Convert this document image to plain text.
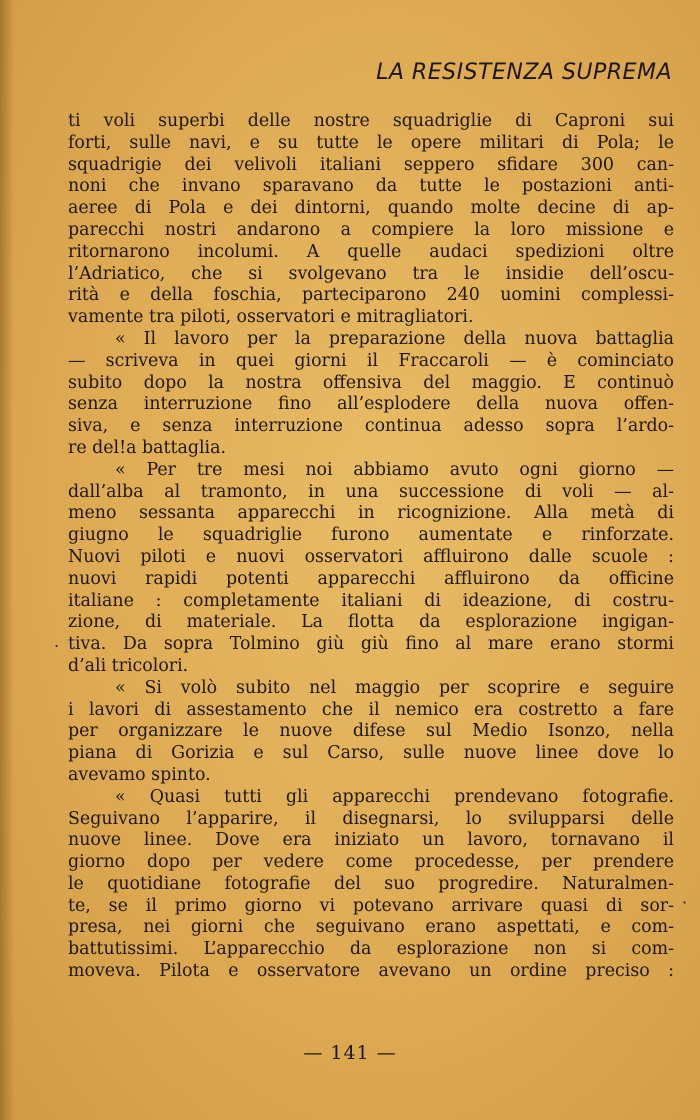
LA RESISTENZA SUPREMA
ti voli superbi delle nostre squadriglie di Caproni sui
forti, sulle navi, e su tutte le opere militari di Pola; le
squadrigie dei velivoli italiani seppero sfidare 300 can-
noni che invano sparavano da tutte le postazioni anti-
aeree di Pola e dei dintorni, quando molte decine di ap-
parecchi nostri andarono a compiere la loro missione e
ritornarono incolumi. A quelle audaci spedizioni oltre
l’Adriatico, che si svolgevano tra le insidie dell’oscu-
rità e della foschia, parteciparono 240 uomini complessi-
vamente tra piloti, osservatori e mitragliatori.
« Il lavoro per la preparazione della nuova battaglia
— scriveva in quei giorni il Fraccaroli — è cominciato
subito dopo la nostra offensiva del maggio. E continuò
senza interruzione fino all’esplodere della nuova offen-
siva, e senza interruzione continua adesso sopra l’ardo-
re del!a battaglia.
« Per tre mesi noi abbiamo avuto ogni giorno —
dall’alba al tramonto, in una successione di voli — al-
meno sessanta apparecchi in ricognizione. Alla metà di
giugno le squadriglie furono aumentate e rinforzate.
Nuovi piloti e nuovi osservatori affluirono dalle scuole :
nuovi rapidi potenti apparecchi affluirono da officine
italiane : completamente italiani di ideazione, di costru-
zione, di materiale. La flotta da esplorazione ingigan-
tiva. Da sopra Tolmino giù giù fino al mare erano stormi
d’ali tricolori.
« Si volò subito nel maggio per scoprire e seguire
i lavori di assestamento che il nemico era costretto a fare
per organizzare le nuove difese sul Medio Isonzo, nella
piana di Gorizia e sul Carso, sulle nuove linee dove lo
avevamo spinto.
« Quasi tutti gli apparecchi prendevano fotografie.
Seguivano l’apparire, il disegnarsi, lo svilupparsi delle
nuove linee. Dove era iniziato un lavoro, tornavano il
giorno dopo per vedere come procedesse, per prendere
le quotidiane fotografie del suo progredire. Naturalmen-
te, se il primo giorno vi potevano arrivare quasi di sor-
presa, nei giorni che seguivano erano aspettati, e com-
battutissimi. L’apparecchio da esplorazione non si com-
moveva. Pilota e osservatore avevano un ordine preciso :
.
·
— 141 —
